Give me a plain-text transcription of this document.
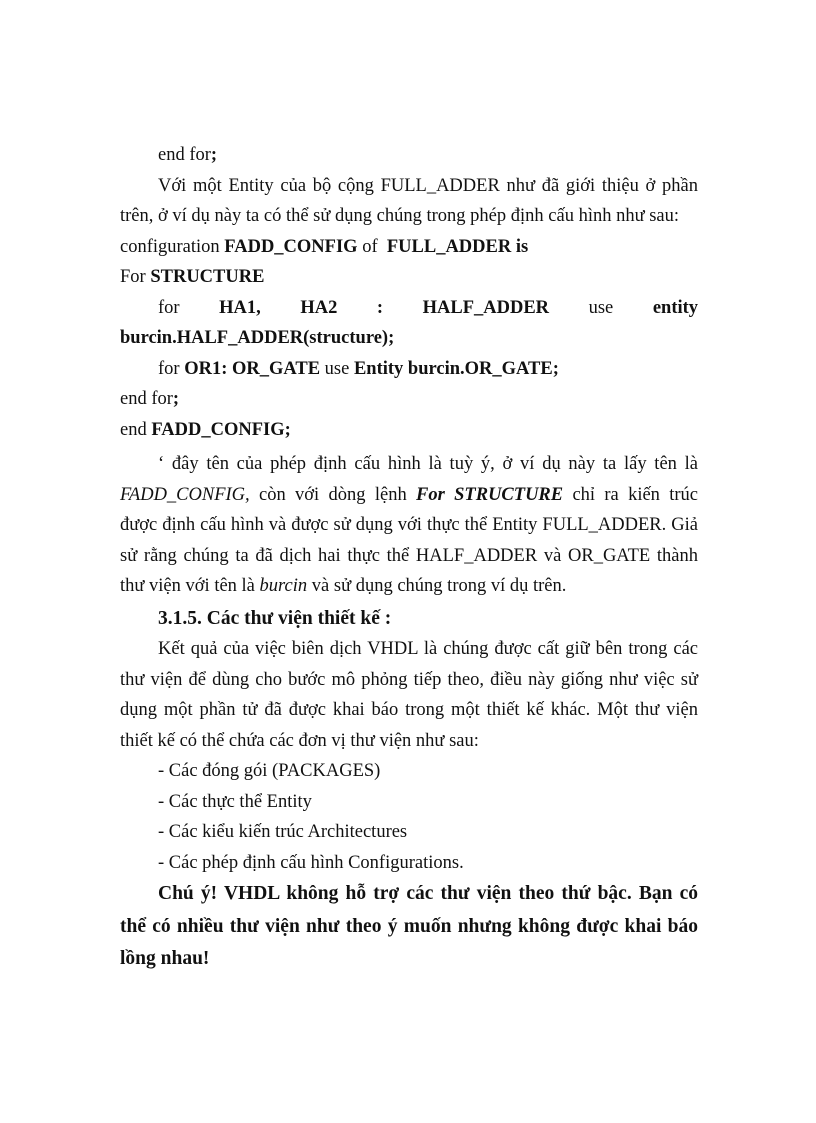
end for;
Với một Entity của bộ cộng FULL_ADDER như đã giới thiệu ở phần
trên, ở ví dụ này ta có thể sử dụng chúng trong phép định cấu hình như sau:
configuration FADD_CONFIG of FULL_ADDER is
For STRUCTURE
for HA1, HA2 : HALF_ADDER use entity
burcin.HALF_ADDER(structure);
for OR1: OR_GATE use Entity burcin.OR_GATE;
end for;
end FADD_CONFIG;
‘ đây tên của phép định cấu hình là tuỳ ý, ở ví dụ này ta lấy tên là
FADD_CONFIG, còn với dòng lệnh For STRUCTURE chỉ ra kiến trúc
được định cấu hình và được sử dụng với thực thể Entity FULL_ADDER. Giả
sử rằng chúng ta đã dịch hai thực thể HALF_ADDER và OR_GATE thành
thư viện với tên là burcin và sử dụng chúng trong ví dụ trên.
3.1.5. Các thư viện thiết kế :
Kết quả của việc biên dịch VHDL là chúng được cất giữ bên trong các
thư viện để dùng cho bước mô phỏng tiếp theo, điều này giống như việc sử
dụng một phần tử đã được khai báo trong một thiết kế khác. Một thư viện
thiết kế có thể chứa các đơn vị thư viện như sau:
- Các đóng gói (PACKAGES)
- Các thực thể Entity
- Các kiểu kiến trúc Architectures
- Các phép định cấu hình Configurations.
Chú ý! VHDL không hỗ trợ các thư viện theo thứ bậc. Bạn có
thể có nhiều thư viện như theo ý muốn nhưng không được khai báo
lồng nhau!
